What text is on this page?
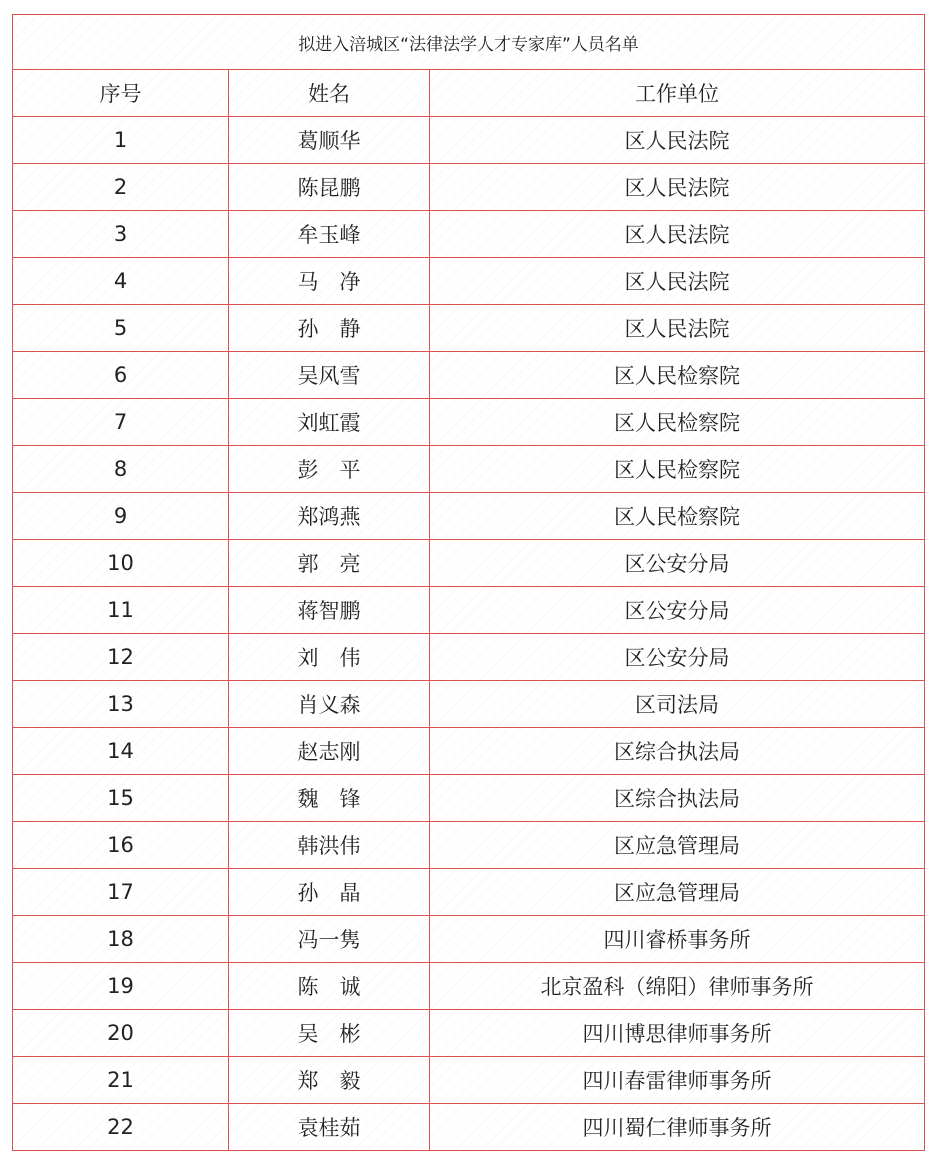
拟进入涪城区“法律法学人才专家库”人员名单		
序号	姓名	工作单位
1	葛顺华	区人民法院
2	陈昆鹏	区人民法院
3	牟玉峰	区人民法院
4	马　净	区人民法院
5	孙　静	区人民法院
6	吴风雪	区人民检察院
7	刘虹霞	区人民检察院
8	彭　平	区人民检察院
9	郑鸿燕	区人民检察院
10	郭　亮	区公安分局
11	蒋智鹏	区公安分局
12	刘　伟	区公安分局
13	肖义森	区司法局
14	赵志刚	区综合执法局
15	魏　锋	区综合执法局
16	韩洪伟	区应急管理局
17	孙　晶	区应急管理局
18	冯一隽	四川睿桥事务所
19	陈　诚	北京盈科（绵阳）律师事务所
20	吴　彬	四川博思律师事务所
21	郑　毅	四川春雷律师事务所
22	袁桂茹	四川蜀仁律师事务所
